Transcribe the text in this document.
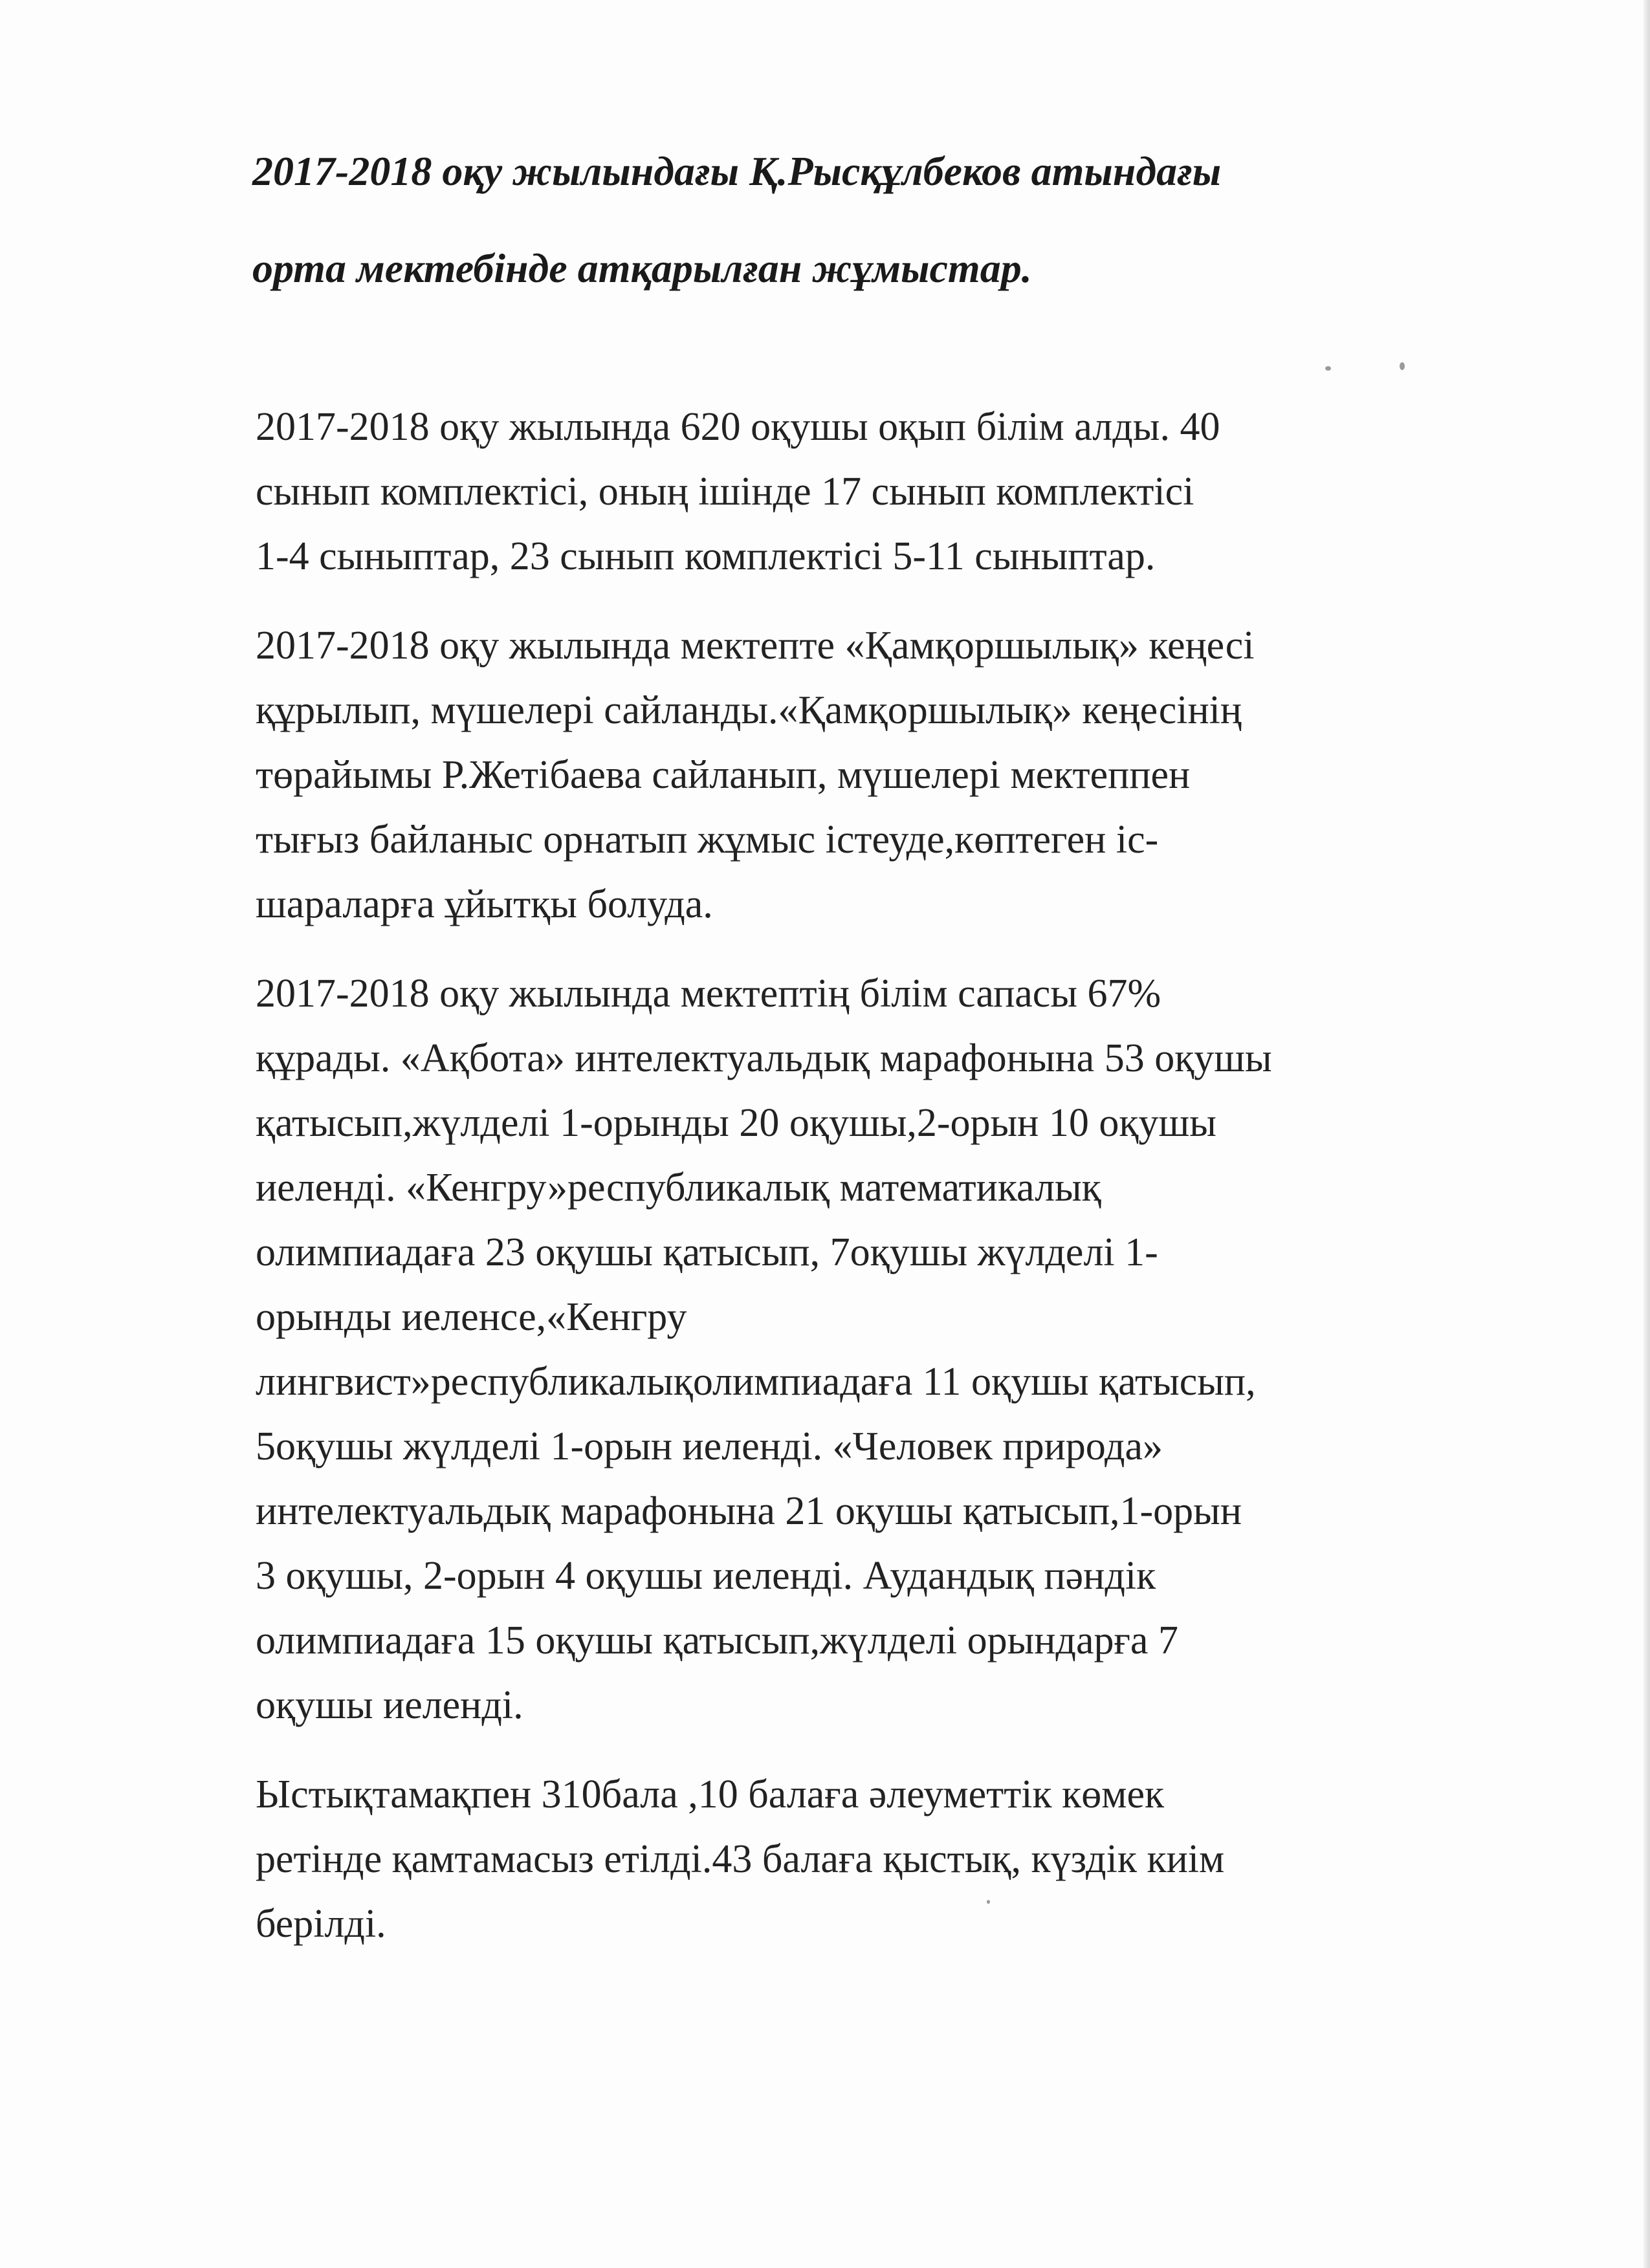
2017-2018 оқу жылындағы Қ.Рысқұлбеков атындағы
орта мектебінде атқарылған жұмыстар.
2017-2018 оқу жылында 620 оқушы оқып білім алды. 40
сынып комплектісі, оның ішінде 17 сынып комплектісі
1-4 сыныптар, 23 сынып комплектісі 5-11 сыныптар.
2017-2018 оқу жылында мектепте «Қамқоршылық» кеңесі
құрылып, мүшелері сайланды.«Қамқоршылық» кеңесінің
төрайымы Р.Жетібаева сайланып, мүшелері мектеппен
тығыз байланыс орнатып жұмыс істеуде,көптеген іс-
шараларға ұйытқы болуда.
2017-2018 оқу жылында мектептің білім сапасы 67%
құрады. «Ақбота» интелектуальдық марафонына 53 оқушы
қатысып,жүлделі 1-орынды 20 оқушы,2-орын 10 оқушы
иеленді. «Кенгру»республикалық математикалық
олимпиадаға 23 оқушы қатысып, 7оқушы жүлделі 1-
орынды иеленсе,«Кенгру
лингвист»республикалықолимпиадаға 11 оқушы қатысып,
5оқушы жүлделі 1-орын иеленді. «Человек природа»
интелектуальдық марафонына 21 оқушы қатысып,1-орын
3 оқушы, 2-орын 4 оқушы иеленді. Аудандық пәндік
олимпиадаға 15 оқушы қатысып,жүлделі орындарға 7
оқушы иеленді.
Ыстықтамақпен 310бала ,10 балаға әлеуметтік көмек
ретінде қамтамасыз етілді.43 балаға қыстық, күздік киім
берілді.
